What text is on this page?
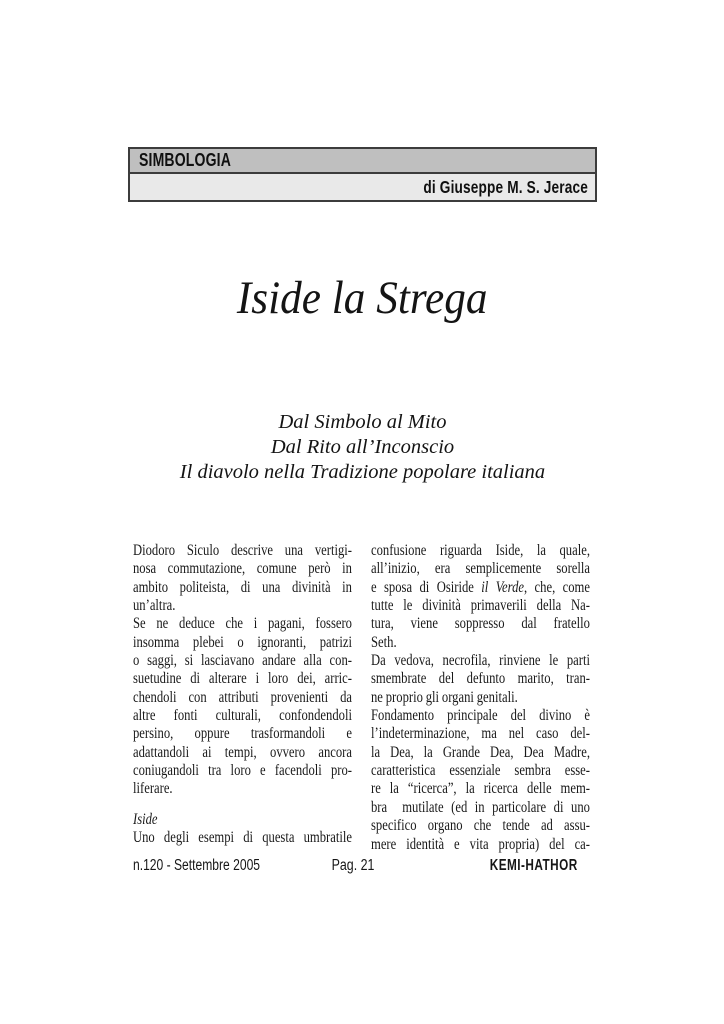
SIMBOLOGIA
di Giuseppe M. S. Jerace
Iside la Strega
Dal Simbolo al Mito
Dal Rito all’Inconscio
Il diavolo nella Tradizione popolare italiana
Diodoro Siculo descrive una vertigi-
nosa commutazione, comune però in
ambito politeista, di una divinità in
un’altra.
Se ne deduce che i pagani, fossero
insomma plebei o ignoranti, patrizi
o saggi, si lasciavano andare alla con-
suetudine di alterare i loro dei, arric-
chendoli con attributi provenienti da
altre fonti culturali, confondendoli
persino, oppure trasformandoli e
adattandoli ai tempi, ovvero ancora
coniugandoli tra loro e facendoli pro-
liferare.
Iside
Uno degli esempi di questa umbratile
confusione riguarda Iside, la quale,
all’inizio, era semplicemente sorella
e sposa di Osiride il Verde, che, come
tutte le divinità primaverili della Na-
tura, viene soppresso dal fratello
Seth.
Da vedova, necrofila, rinviene le parti
smembrate del defunto marito, tran-
ne proprio gli organi genitali.
Fondamento principale del divino è
l’indeterminazione, ma nel caso del-
la Dea, la Grande Dea, Dea Madre,
caratteristica essenziale sembra esse-
re la “ricerca”, la ricerca delle mem-
bra  mutilate (ed in particolare di uno
specifico organo che tende ad assu-
mere identità e vita propria) del ca-
n.120 - Settembre 2005	Pag. 21	KEMI-HATHOR
